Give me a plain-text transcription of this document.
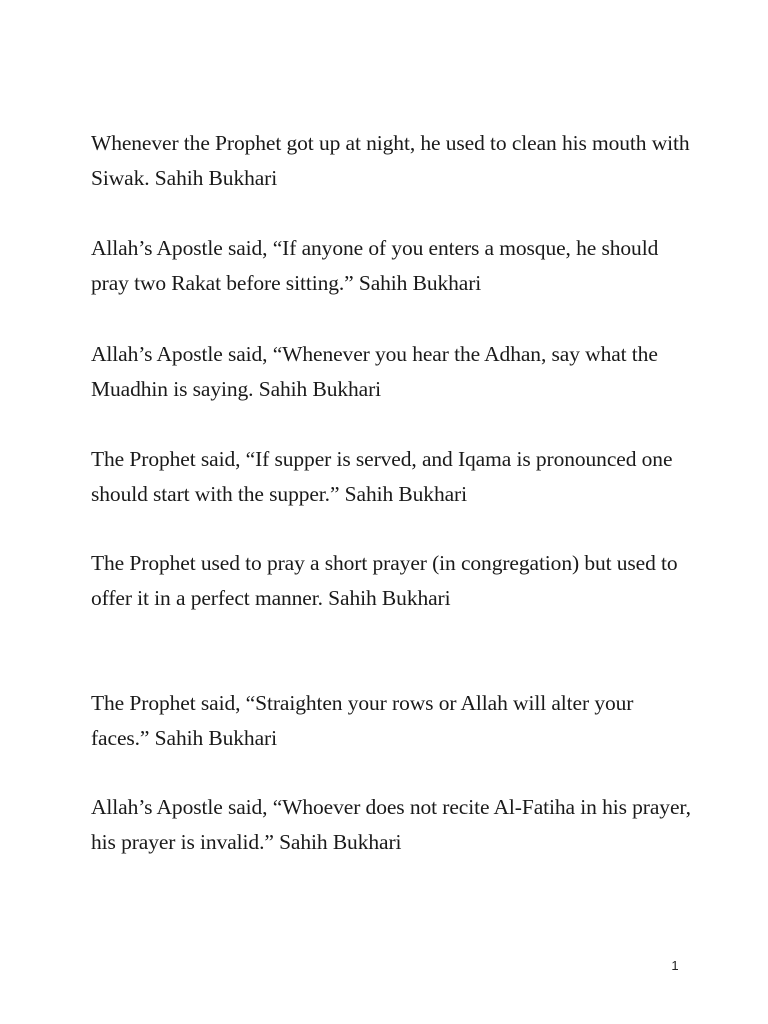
Whenever the Prophet got up at night, he used to clean his mouth with Siwak. Sahih Bukhari

Allah’s Apostle said, “If anyone of you enters a mosque, he should pray two Rakat before sitting.” Sahih Bukhari

Allah’s Apostle said, “Whenever you hear the Adhan, say what the Muadhin is saying. Sahih Bukhari

The Prophet said, “If supper is served, and Iqama is pronounced one should start with the supper.” Sahih Bukhari

The Prophet used to pray a short prayer (in congregation) but used to offer it in a perfect manner. Sahih Bukhari

The Prophet said, “Straighten your rows or Allah will alter your faces.” Sahih Bukhari

Allah’s Apostle said, “Whoever does not recite Al-Fatiha in his prayer, his prayer is invalid.” Sahih Bukhari

1
